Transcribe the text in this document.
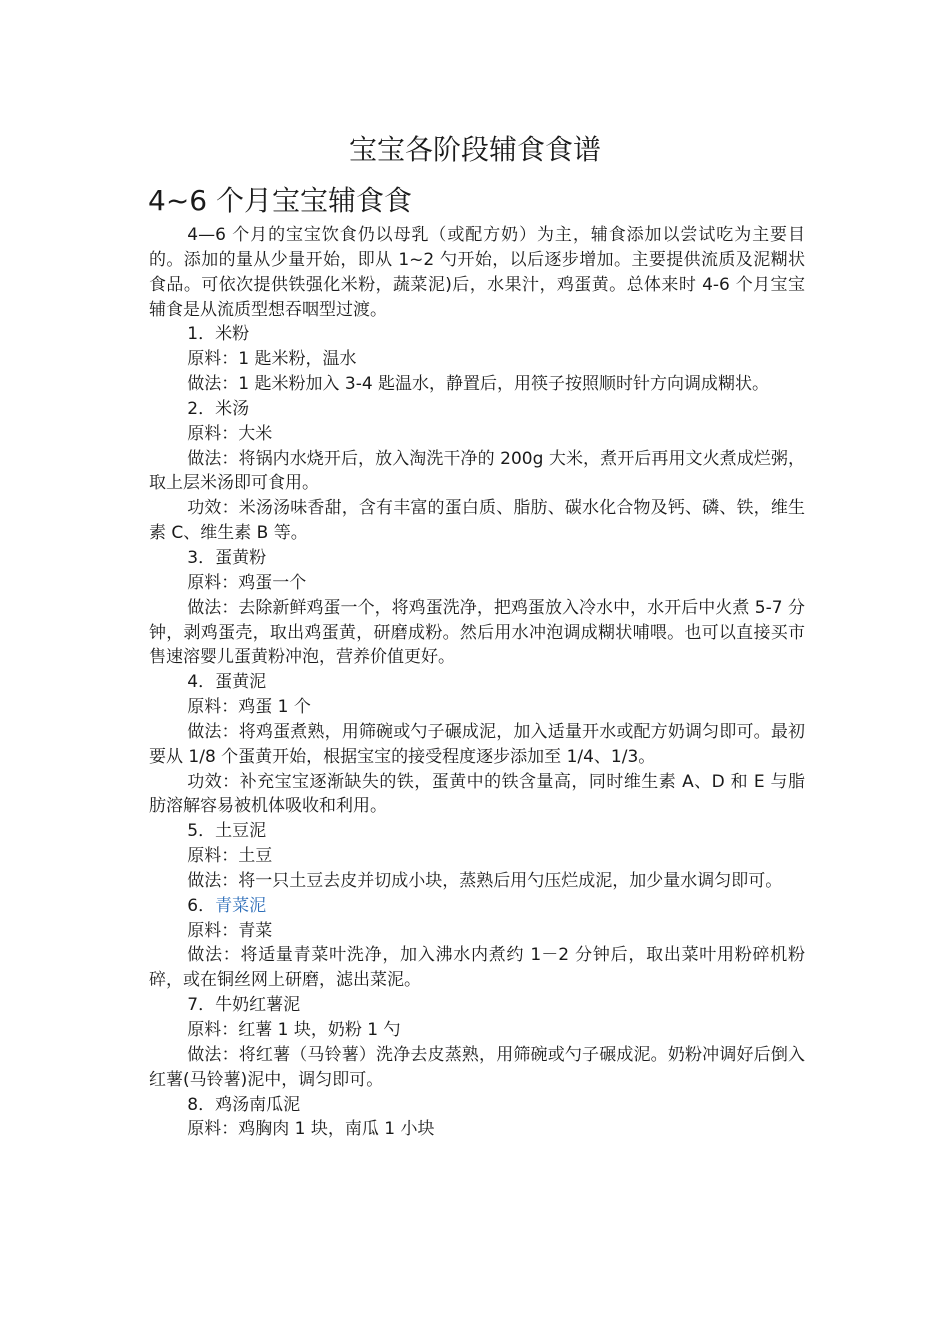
宝宝各阶段辅食食谱
4~6 个月宝宝辅食食

4—6 个月的宝宝饮食仍以母乳（或配方奶）为主，辅食添加以尝试吃为主要目的。添加的量从少量开始，即从 1~2 勺开始，以后逐步增加。主要提供流质及泥糊状食品。可依次提供铁强化米粉，蔬菜泥)后，水果汁，鸡蛋黄。总体来时 4-6 个月宝宝辅食是从流质型想吞咽型过渡。

1．米粉

原料：1 匙米粉，温水

做法：1 匙米粉加入 3-4 匙温水，静置后，用筷子按照顺时针方向调成糊状。

2．米汤

原料：大米

做法：将锅内水烧开后，放入淘洗干净的 200g 大米，煮开后再用文火煮成烂粥，取上层米汤即可食用。

功效：米汤汤味香甜，含有丰富的蛋白质、脂肪、碳水化合物及钙、磷、铁，维生素 C、维生素 B 等。

3．蛋黄粉

原料：鸡蛋一个

做法：去除新鲜鸡蛋一个，将鸡蛋洗净，把鸡蛋放入冷水中，水开后中火煮 5-7 分钟，剥鸡蛋壳，取出鸡蛋黄，研磨成粉。然后用水冲泡调成糊状哺喂。也可以直接买市售速溶婴儿蛋黄粉冲泡，营养价值更好。

4．蛋黄泥

原料：鸡蛋 1 个

做法：将鸡蛋煮熟，用筛碗或勺子碾成泥，加入适量开水或配方奶调匀即可。最初要从 1/8 个蛋黄开始，根据宝宝的接受程度逐步添加至 1/4、1/3。

功效：补充宝宝逐渐缺失的铁，蛋黄中的铁含量高，同时维生素 A、D 和 E 与脂肪溶解容易被机体吸收和利用。

5．土豆泥

原料：土豆

做法：将一只土豆去皮并切成小块，蒸熟后用勺压烂成泥，加少量水调匀即可。

6．青菜泥

原料：青菜

做法：将适量青菜叶洗净，加入沸水内煮约 1－2 分钟后，取出菜叶用粉碎机粉碎，或在铜丝网上研磨，滤出菜泥。

7．牛奶红薯泥

原料：红薯 1 块，奶粉 1 勺

做法：将红薯（马铃薯）洗净去皮蒸熟，用筛碗或勺子碾成泥。奶粉冲调好后倒入红薯(马铃薯)泥中，调匀即可。

8．鸡汤南瓜泥

原料：鸡胸肉 1 块，南瓜 1 小块
